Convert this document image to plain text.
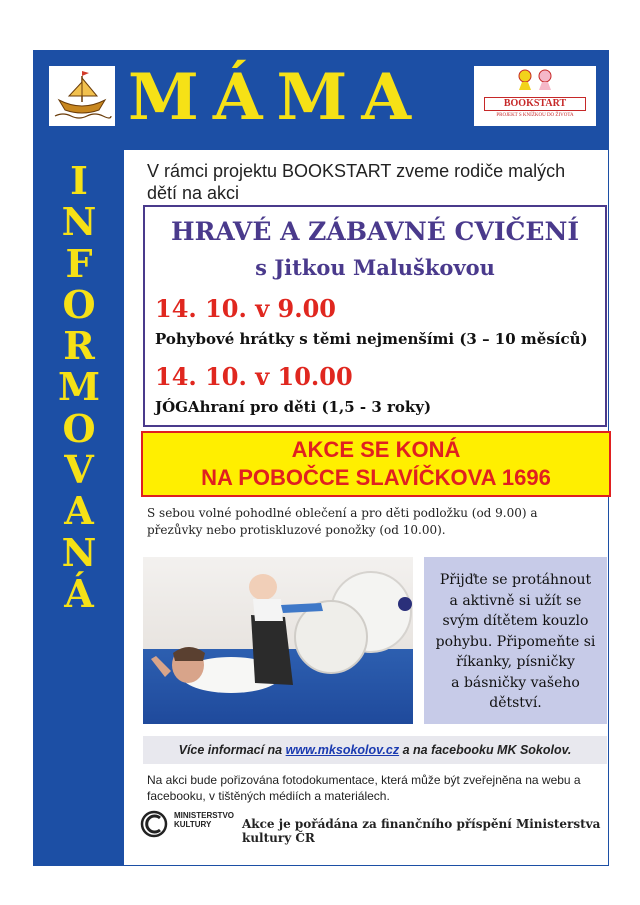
MÁMA	BOOKSTART
PROJEKT S KNÍŽKOU DO ŽIVOTA
I
N
F
O
R
M
O
V
A
N
Á
V rámci projektu BOOKSTART zveme rodiče malých dětí na akci
HRAVÉ A ZÁBAVNÉ CVIČENÍ
s Jitkou Maluškovou
14. 10. v 9.00
Pohybové hrátky s těmi nejmenšími (3 – 10 měsíců)
14. 10. v 10.00
JÓGAhraní pro děti (1,5 - 3 roky)
AKCE SE KONÁ
NA POBOČCE SLAVÍČKOVA 1696
S sebou volné pohodlné oblečení a pro děti podložku (od 9.00) a přezůvky nebo protiskluzové ponožky (od 10.00).
Přijďte se protáhnout
a aktivně si užít se
svým dítětem kouzlo
pohybu. Připomeňte si
říkanky, písničky
a básničky vašeho
dětství.
Více informací na www.mksokolov.cz a na facebooku MK Sokolov.
Na akci bude pořizována fotodokumentace, která může být zveřejněna na webu a facebooku, v tištěných médiích a materiálech.
MINISTERSTVO
KULTURY	Akce je pořádána za finančního příspění Ministerstva kultury ČR
